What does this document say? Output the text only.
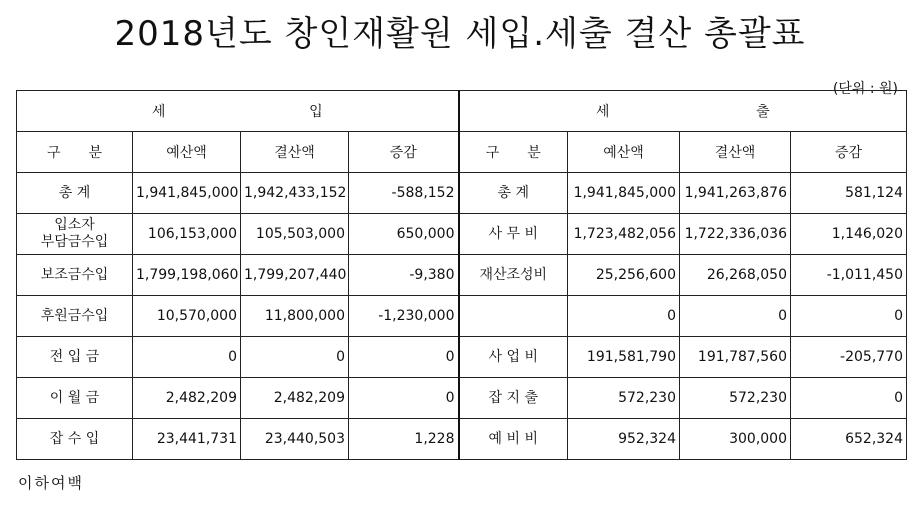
2018년도 창인재활원 세입.세출 결산 총괄표
(단위 : 원)
세 입				세 출			

구　　분	예산액	결산액	증감	구　　분	예산액	결산액	증감
총 계	1,941,845,000	1,942,433,152	-588,152	총 계	1,941,845,000	1,941,263,876	581,124
입소자
부담금수입	106,153,000	105,503,000	650,000	사 무 비	1,723,482,056	1,722,336,036	1,146,020
보조금수입	1,799,198,060	1,799,207,440	-9,380	재산조성비	25,256,600	26,268,050	-1,011,450
후원금수입	10,570,000	11,800,000	-1,230,000		0	0	0
전 입 금	0	0	0	사 업 비	191,581,790	191,787,560	-205,770
이 월 금	2,482,209	2,482,209	0	잡 지 출	572,230	572,230	0
잡 수 입	23,441,731	23,440,503	1,228	예 비 비	952,324	300,000	652,324
이하여백
